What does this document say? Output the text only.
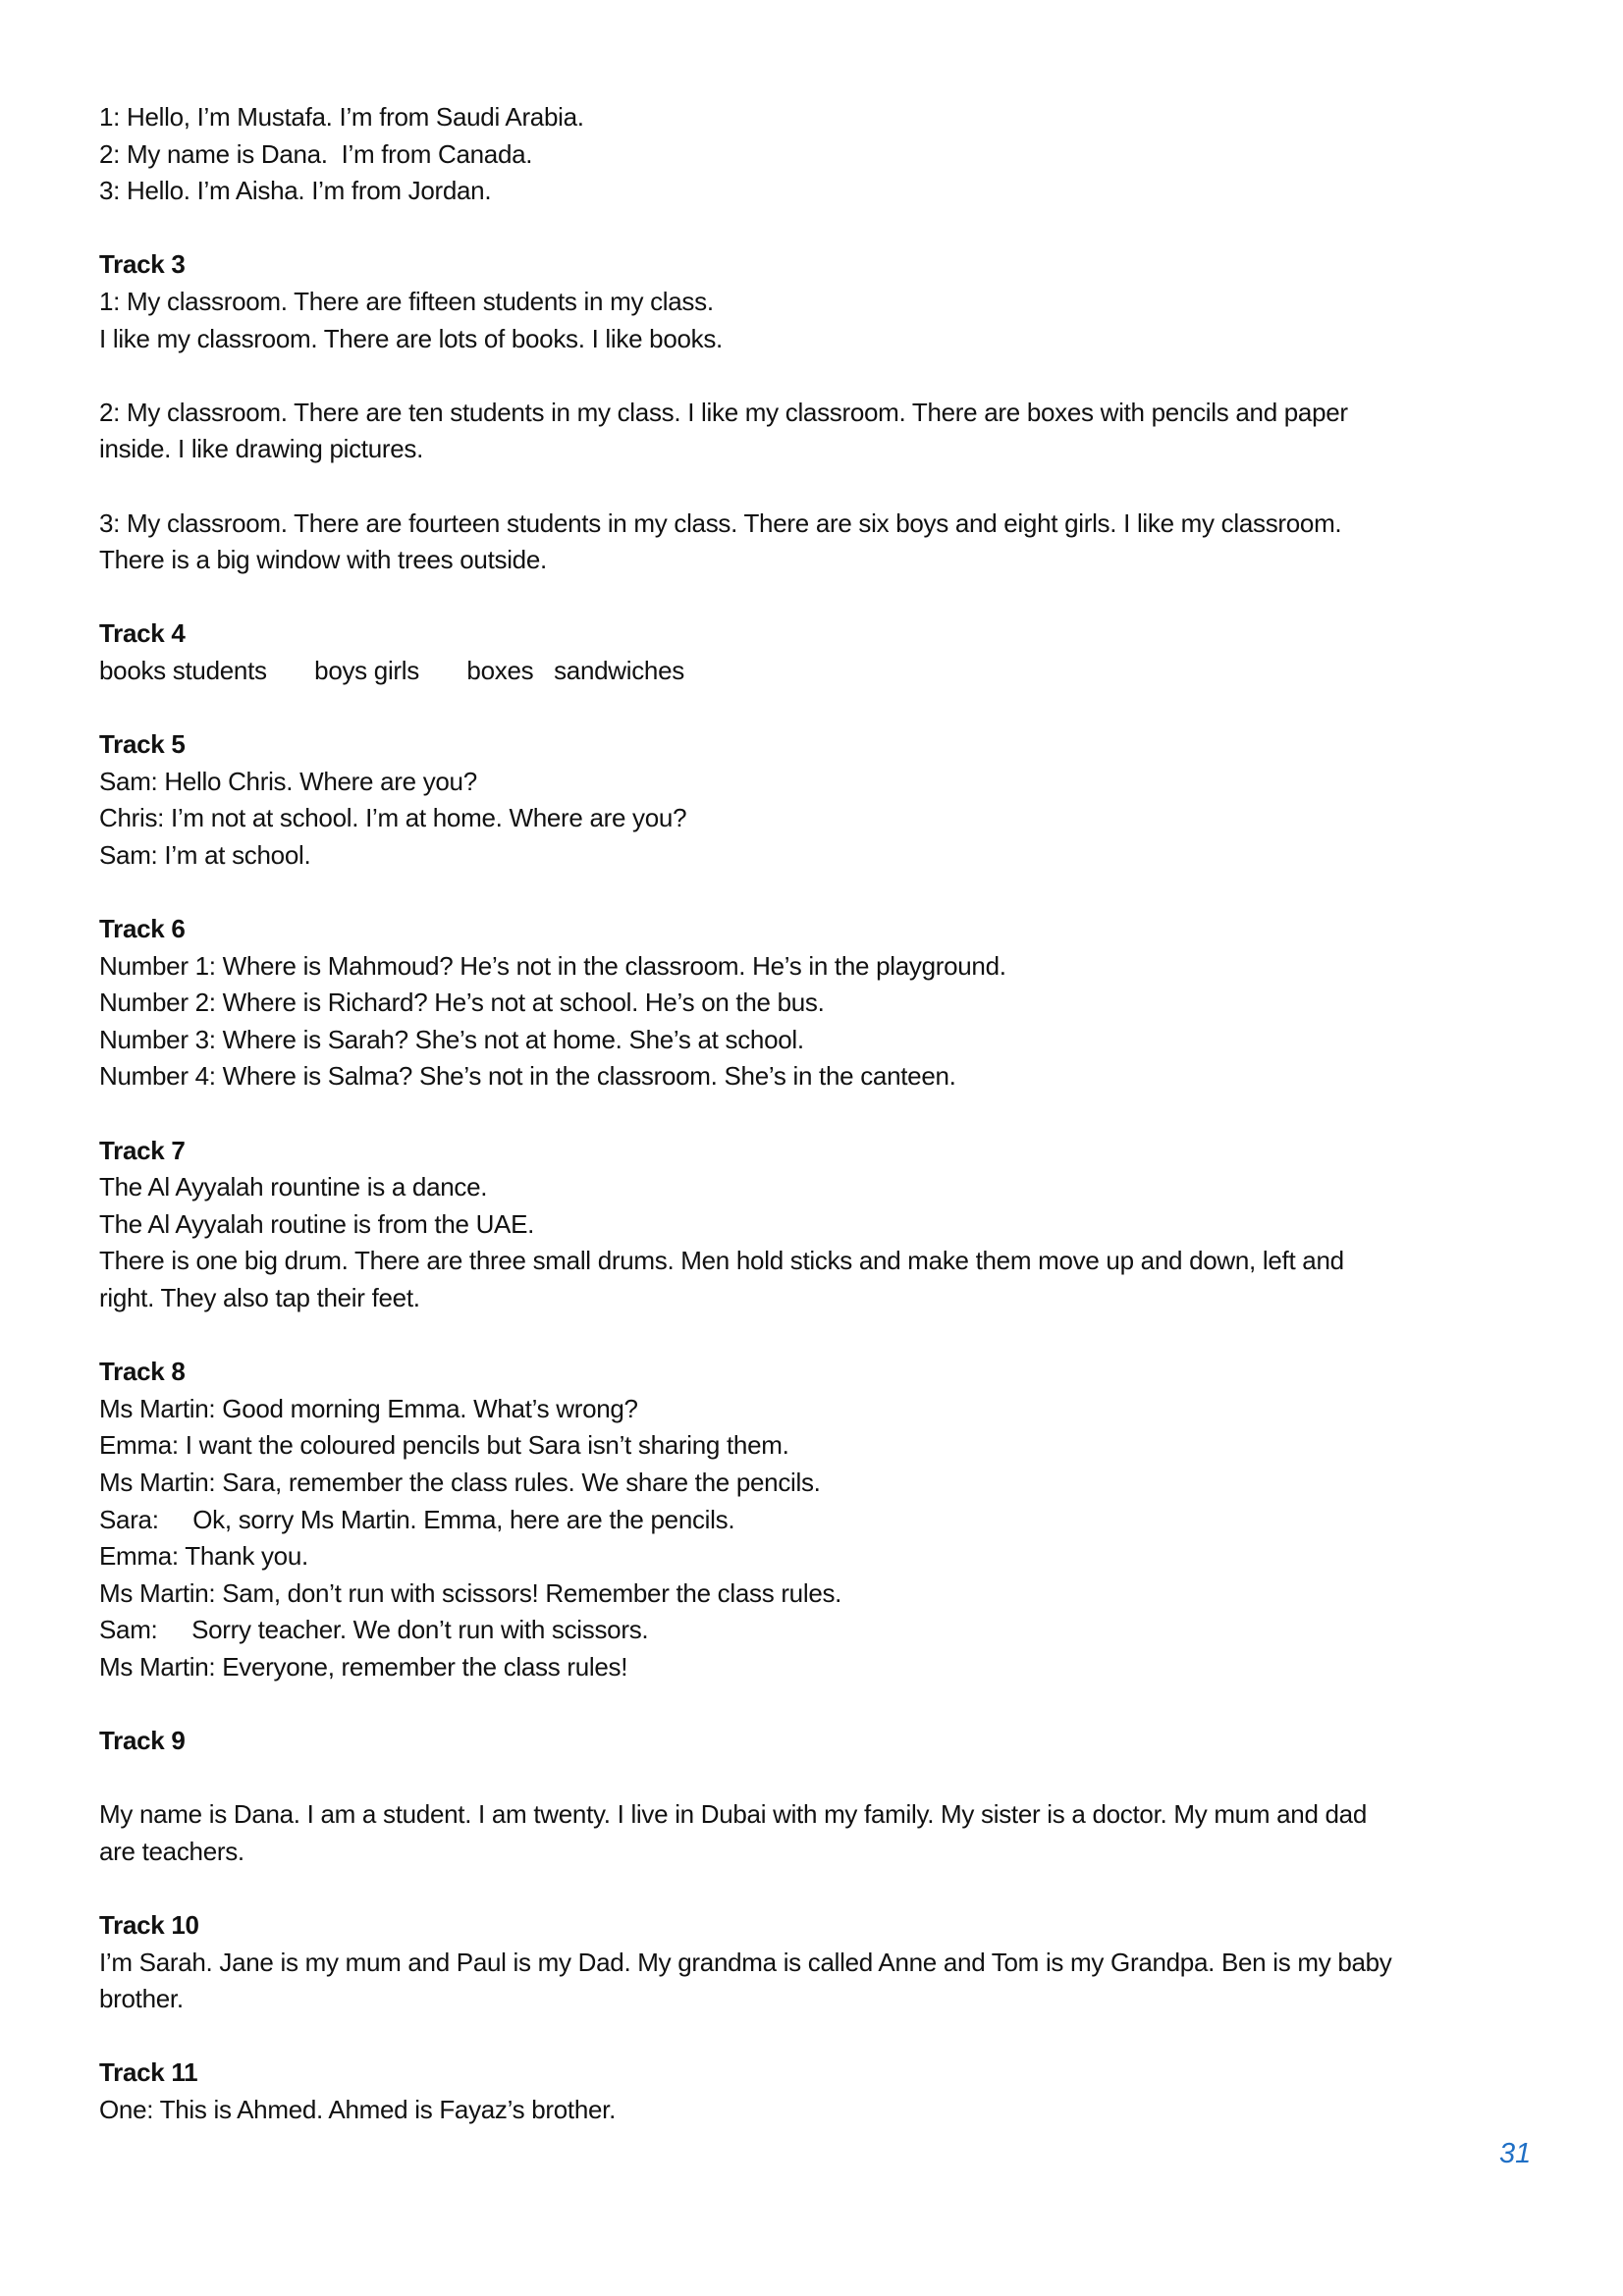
1: Hello, I’m Mustafa. I’m from Saudi Arabia.
2: My name is Dana.  I’m from Canada.
3: Hello. I’m Aisha. I’m from Jordan.
Track 3
1: My classroom. There are fifteen students in my class.
I like my classroom. There are lots of books. I like books.
2: My classroom. There are ten students in my class. I like my classroom. There are boxes with pencils and paper
inside. I like drawing pictures.
3: My classroom. There are fourteen students in my class. There are six boys and eight girls. I like my classroom.
There is a big window with trees outside.
Track 4
books students       boys girls       boxes   sandwiches
Track 5
Sam: Hello Chris. Where are you?
Chris: I’m not at school. I’m at home. Where are you?
Sam: I’m at school.
Track 6
Number 1: Where is Mahmoud? He’s not in the classroom. He’s in the playground.
Number 2: Where is Richard? He’s not at school. He’s on the bus.
Number 3: Where is Sarah? She’s not at home. She’s at school.
Number 4: Where is Salma? She’s not in the classroom. She’s in the canteen.
Track 7
The Al Ayyalah rountine is a dance.
The Al Ayyalah routine is from the UAE.
There is one big drum. There are three small drums. Men hold sticks and make them move up and down, left and
right. They also tap their feet.
Track 8
Ms Martin: Good morning Emma. What’s wrong?
Emma: I want the coloured pencils but Sara isn’t sharing them.
Ms Martin: Sara, remember the class rules. We share the pencils.
Sara:     Ok, sorry Ms Martin. Emma, here are the pencils.
Emma: Thank you.
Ms Martin: Sam, don’t run with scissors! Remember the class rules.
Sam:     Sorry teacher. We don’t run with scissors.
Ms Martin: Everyone, remember the class rules!
Track 9
My name is Dana. I am a student. I am twenty. I live in Dubai with my family. My sister is a doctor. My mum and dad
are teachers.
Track 10
I’m Sarah. Jane is my mum and Paul is my Dad. My grandma is called Anne and Tom is my Grandpa. Ben is my baby
brother.
Track 11
One: This is Ahmed. Ahmed is Fayaz’s brother.
31
